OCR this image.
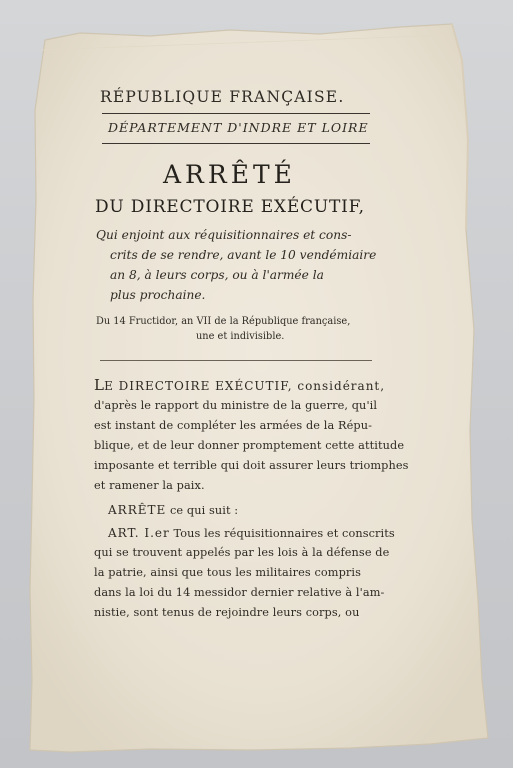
RÉPUBLIQUE FRANÇAISE.
DÉPARTEMENT D'INDRE ET LOIRE
ARRÊTÉ
DU DIRECTOIRE EXÉCUTIF,
Qui enjoint aux réquisitionnaires et cons-
crits de se rendre, avant le 10 vendémiaire
an 8, à leurs corps, ou à l'armée la
plus prochaine.
Du 14 Fructidor, an VII de la République française,
une et indivisible.
LE DIRECTOIRE EXÉCUTIF, considérant,
d'après le rapport du ministre de la guerre, qu'il
est instant de compléter les armées de la Répu-
blique, et de leur donner promptement cette attitude
imposante et terrible qui doit assurer leurs triomphes
et ramener la paix.
ARRÊTE ce qui suit :
ART. I.er Tous les réquisitionnaires et conscrits
qui se trouvent appelés par les lois à la défense de
la patrie, ainsi que tous les militaires compris
dans la loi du 14 messidor dernier relative à l'am-
nistie, sont tenus de rejoindre leurs corps, ou
